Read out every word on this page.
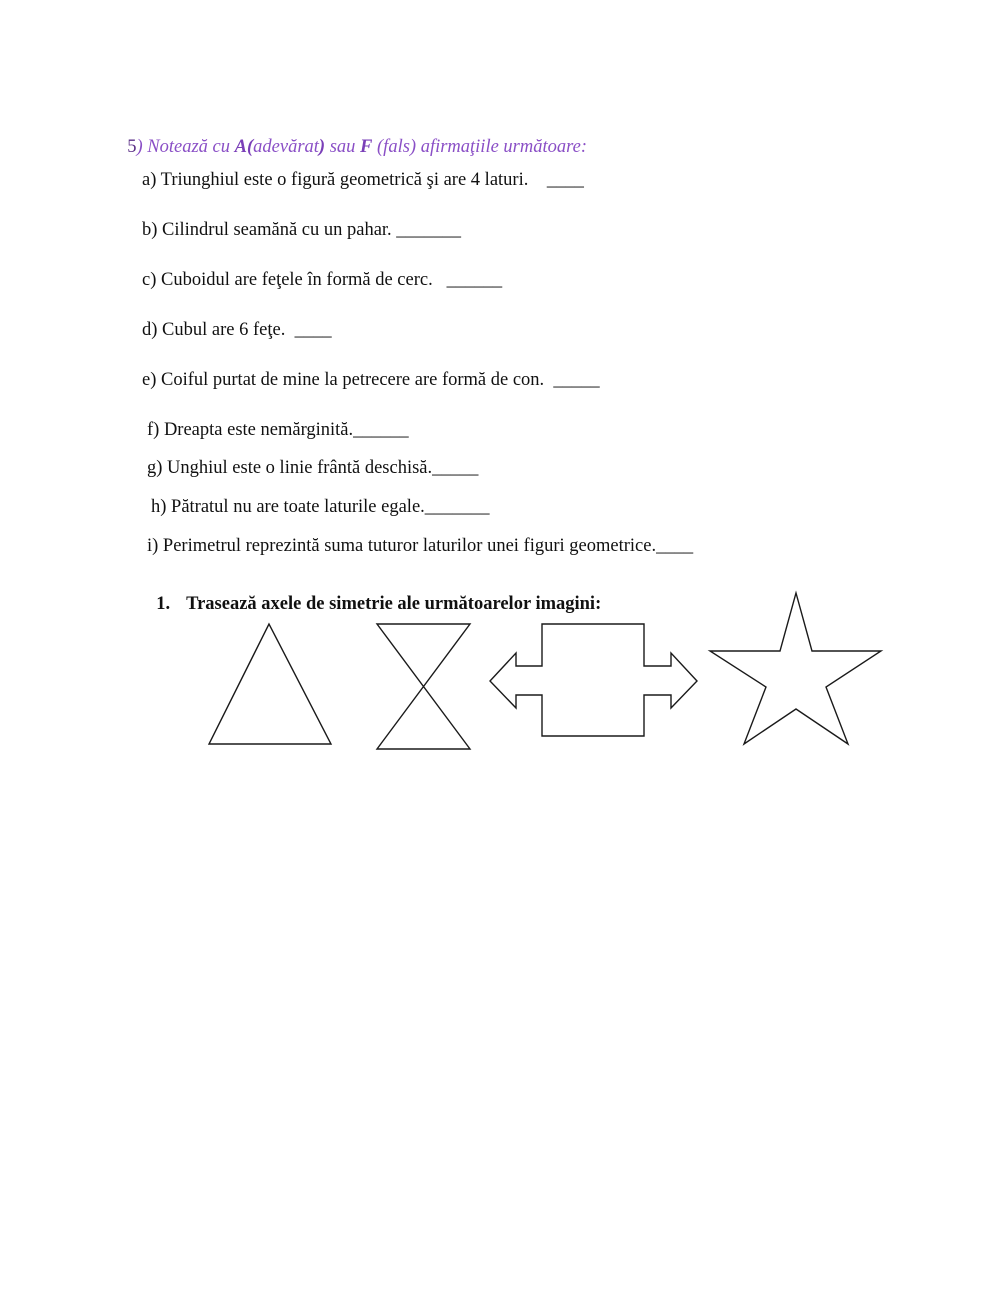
5) Notează cu A(adevărat) sau F (fals) afirmaţiile următoare:

a) Triunghiul este o figură geometrică şi are 4 laturi.    ____
b) Cilindrul seamănă cu un pahar. _______
c) Cuboidul are feţele în formă de cerc.   ______
d) Cubul are 6 feţe.  ____
e) Coiful purtat de mine la petrecere are formă de con.  _____
f) Dreapta este nemărginită.______
g) Unghiul este o linie frântă deschisă._____
h) Pătratul nu are toate laturile egale._______
i) Perimetrul reprezintă suma tuturor laturilor unei figuri geometrice.____

1. Trasează axele de simetrie ale următoarelor imagini:
